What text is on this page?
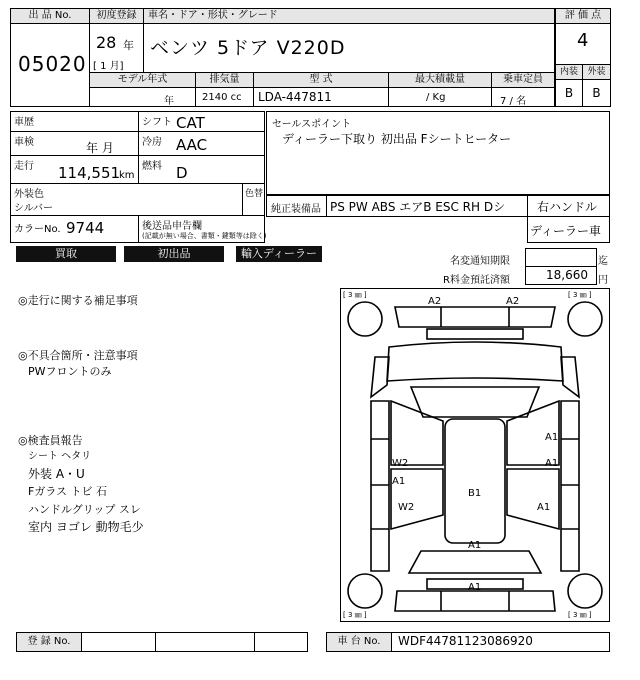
出 品 No.
05020
初度登録	車名・ドア・形状・グレード
28 年
[ 1 月]
ベンツ 5ドア V220D
評 価 点
4
内装	外装
B	B
モデル年式	排気量	型 式	最大積載量	乗車定員
年	2140 cc LDA-447811	/ Kg	7 / 名
車歴
車検	年 月
走行 114,551
km
シフト CAT
冷房 AAC
燃料 D
外装色
シルバー
色替
カラーNo. 9744	後送品申告欄
(記載が無い場合、書類・鍵類等は除く)
セールスポイント
ディーラー下取り 初出品 Fシートヒーター
純正装備品 PS PW ABS エアB ESC RH Dシ	右ハンドル
ディーラー車
買取	初出品	輸入ディーラー
名変通知期限	迄
R料金預託済額	18,660 円
◎走行に関する補足事項
◎不具合箇所・注意事項
PWフロントのみ
◎検査員報告
シート ヘタリ
外装 A・U
Fガラス トビ 石
ハンドルグリップ スレ
室内 ヨゴレ 動物毛少
[ 3 ㎜ ]	[ 3 ㎜ ]
[ 3 ㎜ ]	[ 3 ㎜ ]
A2	A2
A1
A1
W2
A1
B1
W2	A1
A1
A1
登 録 No.	車 台 No.	WDF44781123086920
